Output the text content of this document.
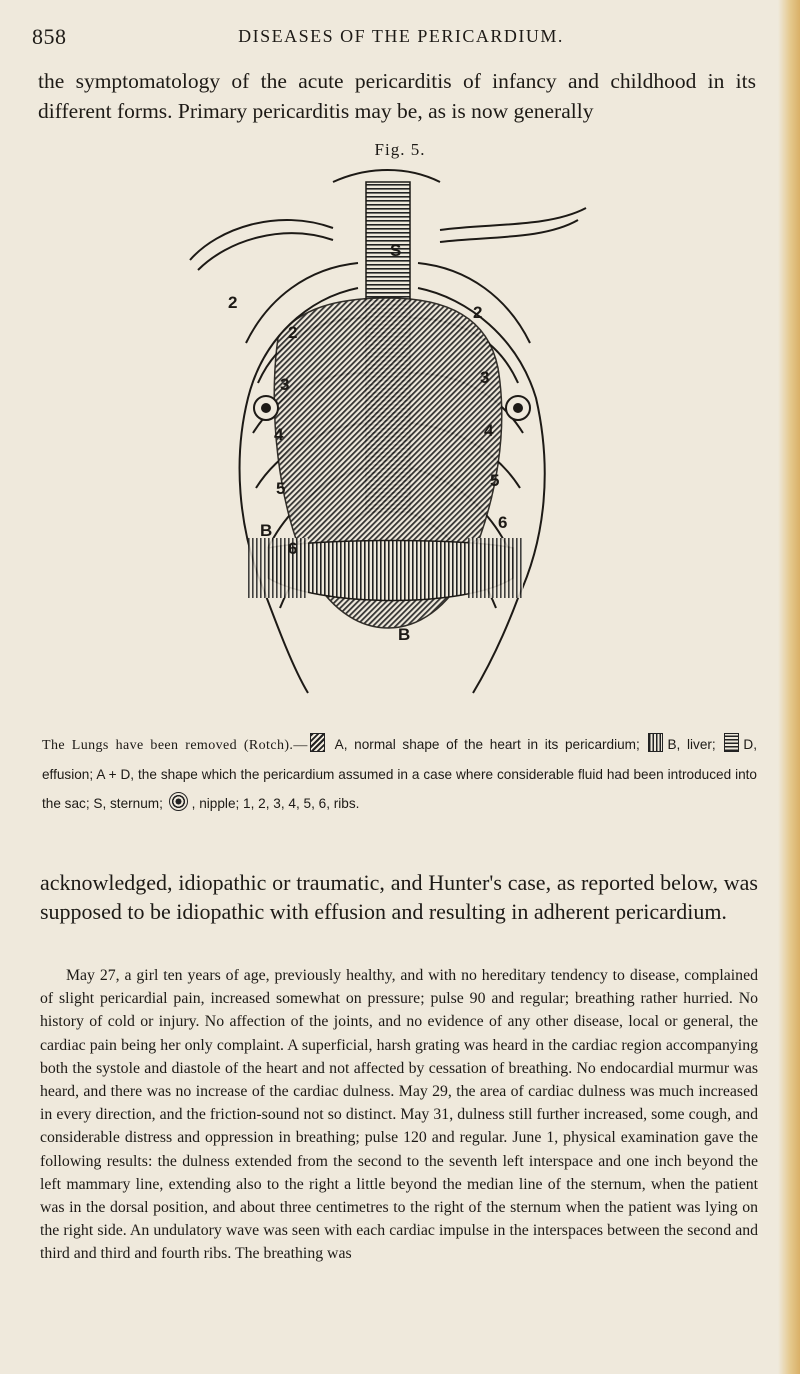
858	DISEASES OF THE PERICARDIUM.
the symptomatology of the acute pericarditis of infancy and childhood in its different forms. Primary pericarditis may be, as is now generally
Fig. 5.
S
B
B
2
2
2
3	3
4	4
5	5
6
6
The Lungs have been removed (Rotch).— A, normal shape of the heart in its pericardium; B, liver; D, effusion; A + D, the shape which the pericardium assumed in a case where considerable fluid had been introduced into the sac; S, sternum; , nipple; 1, 2, 3, 4, 5, 6, ribs.
acknowledged, idiopathic or traumatic, and Hunter's case, as reported below, was supposed to be idiopathic with effusion and resulting in adherent pericardium.
May 27, a girl ten years of age, previously healthy, and with no hereditary tendency to disease, complained of slight pericardial pain, increased somewhat on pressure; pulse 90 and regular; breathing rather hurried. No history of cold or injury. No affection of the joints, and no evidence of any other disease, local or general, the cardiac pain being her only complaint. A superficial, harsh grating was heard in the cardiac region accompanying both the systole and diastole of the heart and not affected by cessation of breathing. No endocardial murmur was heard, and there was no increase of the cardiac dulness. May 29, the area of cardiac dulness was much increased in every direction, and the friction-sound not so distinct. May 31, dulness still further increased, some cough, and considerable distress and oppression in breathing; pulse 120 and regular. June 1, physical examination gave the following results: the dulness extended from the second to the seventh left interspace and one inch beyond the left mammary line, extending also to the right a little beyond the median line of the sternum, when the patient was in the dorsal position, and about three centimetres to the right of the sternum when the patient was lying on the right side. An undulatory wave was seen with each cardiac impulse in the interspaces between the second and third and third and fourth ribs. The breathing was
